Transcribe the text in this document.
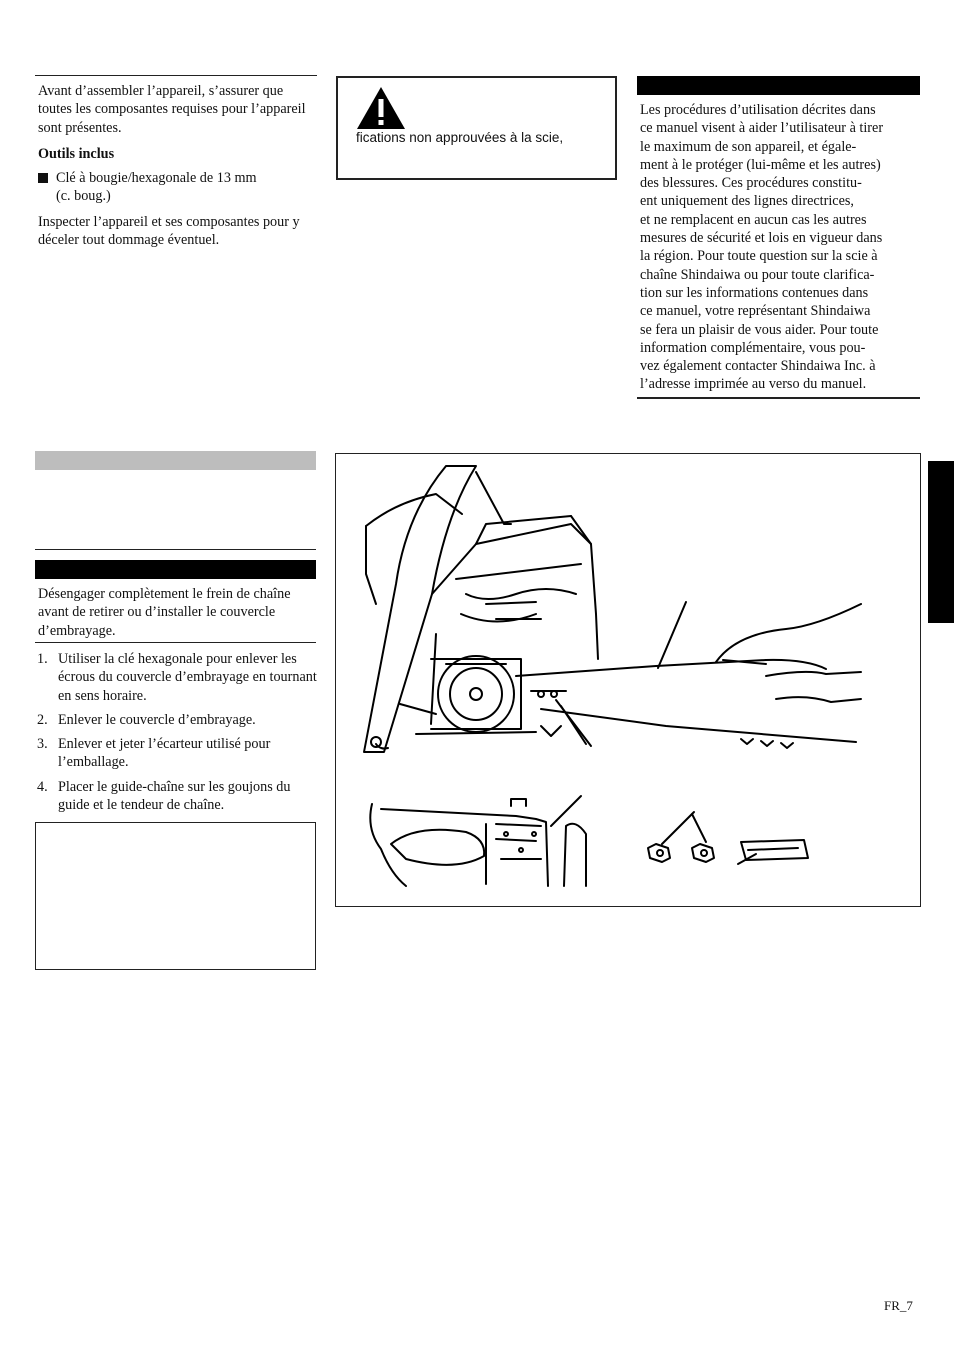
Avant d’assembler l’appareil, s’assurer que toutes les composantes requises pour l’appareil sont présentes.
Outils inclus
Clé à bougie/hexagonale de 13 mm
(c. boug.)
Inspecter l’appareil et ses composantes pour y déceler tout dommage éventuel.
fications non approuvées à la scie,
Les procédures d’utilisation décrites dans
ce manuel visent à aider l’utilisateur à tirer
le maximum de son appareil, et égale-
ment à le protéger (lui-même et les autres)
des blessures. Ces procédures constitu-
ent uniquement des lignes directrices,
et ne remplacent en aucun cas les autres
mesures de sécurité et lois en vigueur dans
la région. Pour toute question sur la scie à
chaîne Shindaiwa ou pour toute clarifica-
tion sur les informations contenues dans
ce manuel, votre représentant Shindaiwa
se fera un plaisir de vous aider. Pour toute
information complémentaire, vous pou-
vez également contacter Shindaiwa Inc. à
l’adresse imprimée au verso du manuel.
Désengager complètement le frein de chaîne avant de retirer ou d’installer le couvercle d’embrayage.
1. Utiliser la clé hexagonale pour enlever les écrous du couvercle d’embrayage en tournant en sens horaire.
2. Enlever le couvercle d’embrayage.
3. Enlever et jeter l’écarteur utilisé pour l’emballage.
4. Placer le guide-chaîne sur les goujons du guide et le tendeur de chaîne.
FR_7
